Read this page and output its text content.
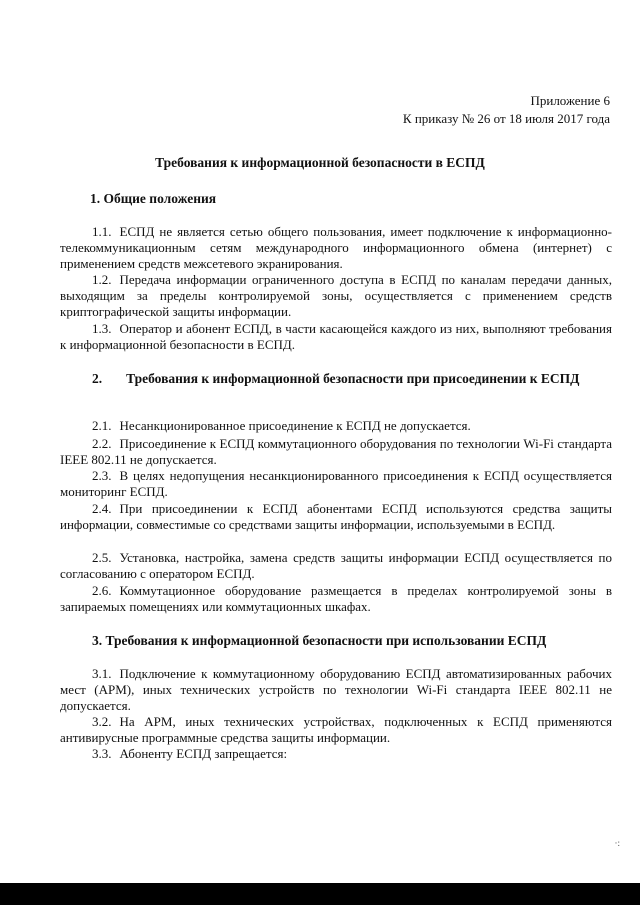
Приложение 6
К приказу № 26 от 18 июля 2017 года
Требования к информационной безопасности в ЕСПД
1. Общие положения
1.1. ЕСПД не является сетью общего пользования, имеет подключение к информационно-телекоммуникационным сетям международного информационного обмена (интернет) с применением средств межсетевого экранирования.
1.2. Передача информации ограниченного доступа в ЕСПД по каналам передачи данных, выходящим за пределы контролируемой зоны, осуществляется с применением средств криптографической защиты информации.
1.3. Оператор и абонент ЕСПД, в части касающейся каждого из них, выполняют требования к информационной безопасности в ЕСПД.
2. Требования к информационной безопасности при присоединении к ЕСПД
2.1. Несанкционированное присоединение к ЕСПД не допускается.
2.2. Присоединение к ЕСПД коммутационного оборудования по технологии Wi-Fi стандарта IEEE 802.11 не допускается.
2.3. В целях недопущения несанкционированного присоединения к ЕСПД осуществляется мониторинг ЕСПД.
2.4. При присоединении к ЕСПД абонентами ЕСПД используются средства защиты информации, совместимые со средствами защиты информации, используемыми в ЕСПД.
2.5. Установка, настройка, замена средств защиты информации ЕСПД осуществляется по согласованию с оператором ЕСПД.
2.6. Коммутационное оборудование размещается в пределах контролируемой зоны в запираемых помещениях или коммутационных шкафах.
3. Требования к информационной безопасности при использовании ЕСПД
3.1. Подключение к коммутационному оборудованию ЕСПД автоматизированных рабочих мест (АРМ), иных технических устройств по технологии Wi-Fi стандарта IEEE 802.11 не допускается.
3.2. На АРМ, иных технических устройствах, подключенных к ЕСПД применяются антивирусные программные средства защиты информации.
3.3. Абоненту ЕСПД запрещается:
·:
